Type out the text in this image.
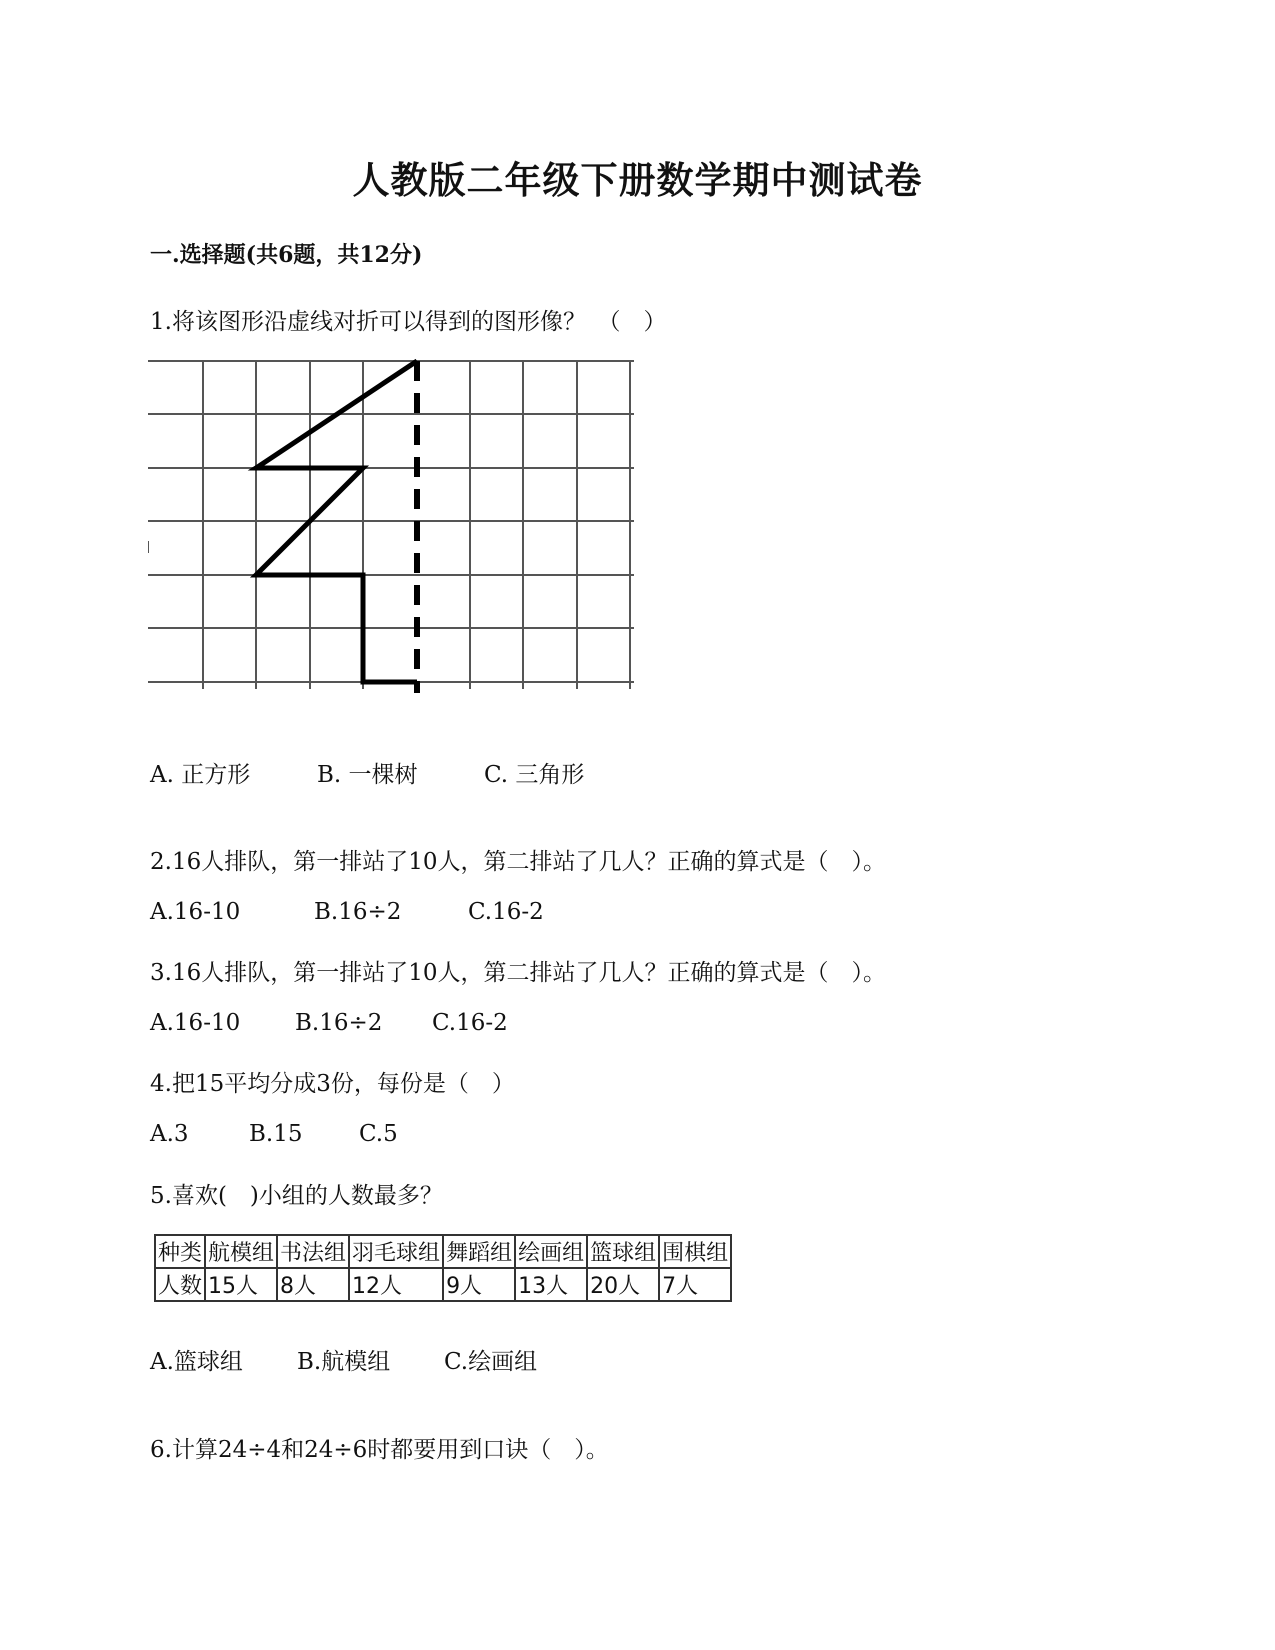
人教版二年级下册数学期中测试卷
一.选择题(共6题，共12分)
1.将该图形沿虚线对折可以得到的图形像？　（　）
A. 正方形	B. 一棵树	C. 三角形
2.16人排队，第一排站了10人，第二排站了几人？正确的算式是（　）。
A.16-10	B.16÷2	C.16-2
3.16人排队，第一排站了10人，第二排站了几人？正确的算式是（　）。
A.16-10	B.16÷2	C.16-2
4.把15平均分成3份，每份是（　）
A.3	B.15	C.5
5.喜欢(　)小组的人数最多？
种类	航模组	书法组	羽毛球组	舞蹈组	绘画组	篮球组	围棋组
人数	15人	8人	12人	9人	13人	20人	7人
A.篮球组	B.航模组	C.绘画组
6.计算24÷4和24÷6时都要用到口诀（　）。
